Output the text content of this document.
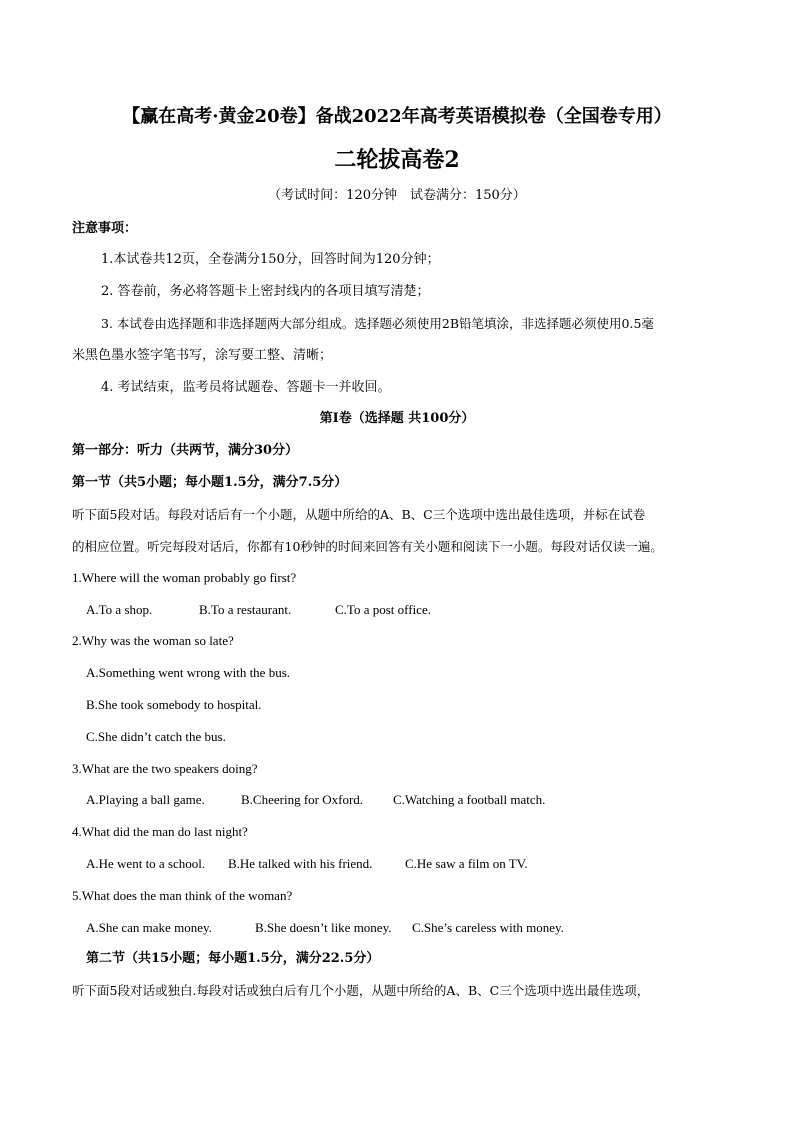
【赢在高考·黄金20卷】备战2022年高考英语模拟卷（全国卷专用）
二轮拔高卷2
（考试时间：120分钟　试卷满分：150分）
注意事项：
1.本试卷共12页，全卷满分150分，回答时间为120分钟；
2. 答卷前，务必将答题卡上密封线内的各项目填写清楚；
3. 本试卷由选择题和非选择题两大部分组成。选择题必须使用2B铅笔填涂，非选择题必须使用0.5毫
米黑色墨水签字笔书写，涂写要工整、清晰；
4. 考试结束，监考员将试题卷、答题卡一并收回。
第I卷（选择题 共100分）
第一部分：听力（共两节，满分30分）
第一节（共5小题；每小题1.5分，满分7.5分）
听下面5段对话。每段对话后有一个小题，从题中所给的A、B、C三个选项中选出最佳选项，并标在试卷
的相应位置。听完每段对话后，你都有10秒钟的时间来回答有关小题和阅读下一小题。每段对话仅读一遍。
1.Where will the woman probably go first?
A.To a shop.	B.To a restaurant.	C.To a post office.
2.Why was the woman so late?
A.Something went wrong with the bus.
B.She took somebody to hospital.
C.She didn’t catch the bus.
3.What are the two speakers doing?
A.Playing a ball game.	B.Cheering for Oxford. C.Watching a football match.
4.What did the man do last night?
A.He went to a school. B.He talked with his friend.	C.He saw a film on TV.
5.What does the man think of the woman?
A.She can make money.	B.She doesn’t like money. C.She’s careless with money.
第二节（共15小题；每小题1.5分，满分22.5分）
听下面5段对话或独白.每段对话或独白后有几个小题，从题中所给的A、B、C三个选项中选出最佳选项，
